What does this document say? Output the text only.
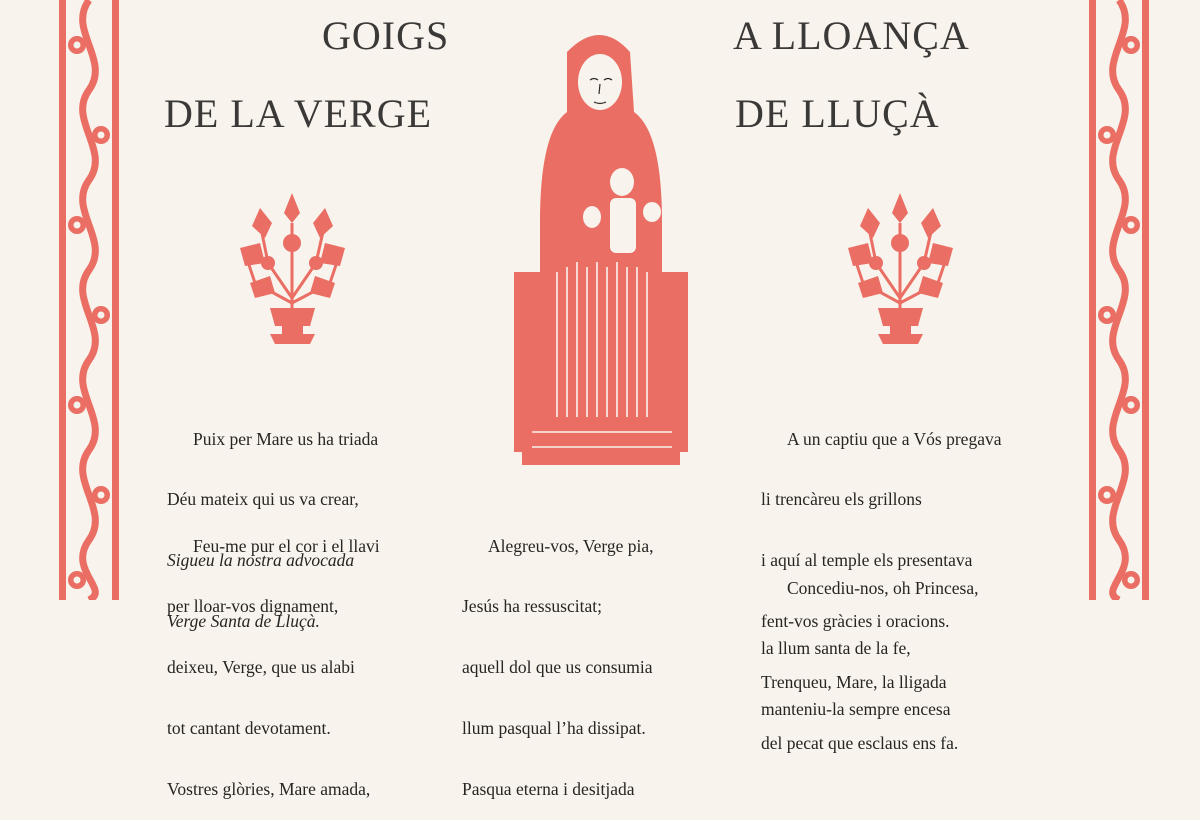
GOIGS	A LLOANÇA
DE LA VERGE	DE LLUÇÀ

Puix per Mare us ha triada

Déu mateix qui us va crear,

Sigueu la nostra advocada

Verge Santa de Lluçà.

Feu-me pur el cor i el llavi

per lloar-vos dignament,

deixeu, Verge, que us alabi

tot cantant devotament.

Vostres glòries, Mare amada,

Alegreu-vos, Verge pia,

Jesús ha ressuscitat;

aquell dol que us consumia

llum pasqual l’ha dissipat.

Pasqua eterna i desitjada

A un captiu que a Vós pregava

li trencàreu els grillons

i aquí al temple els presentava

fent-vos gràcies i oracions.

Trenqueu, Mare, la lligada

del pecat que esclaus ens fa.

Concediu-nos, oh Princesa,

la llum santa de la fe,

manteniu-la sempre encesa
